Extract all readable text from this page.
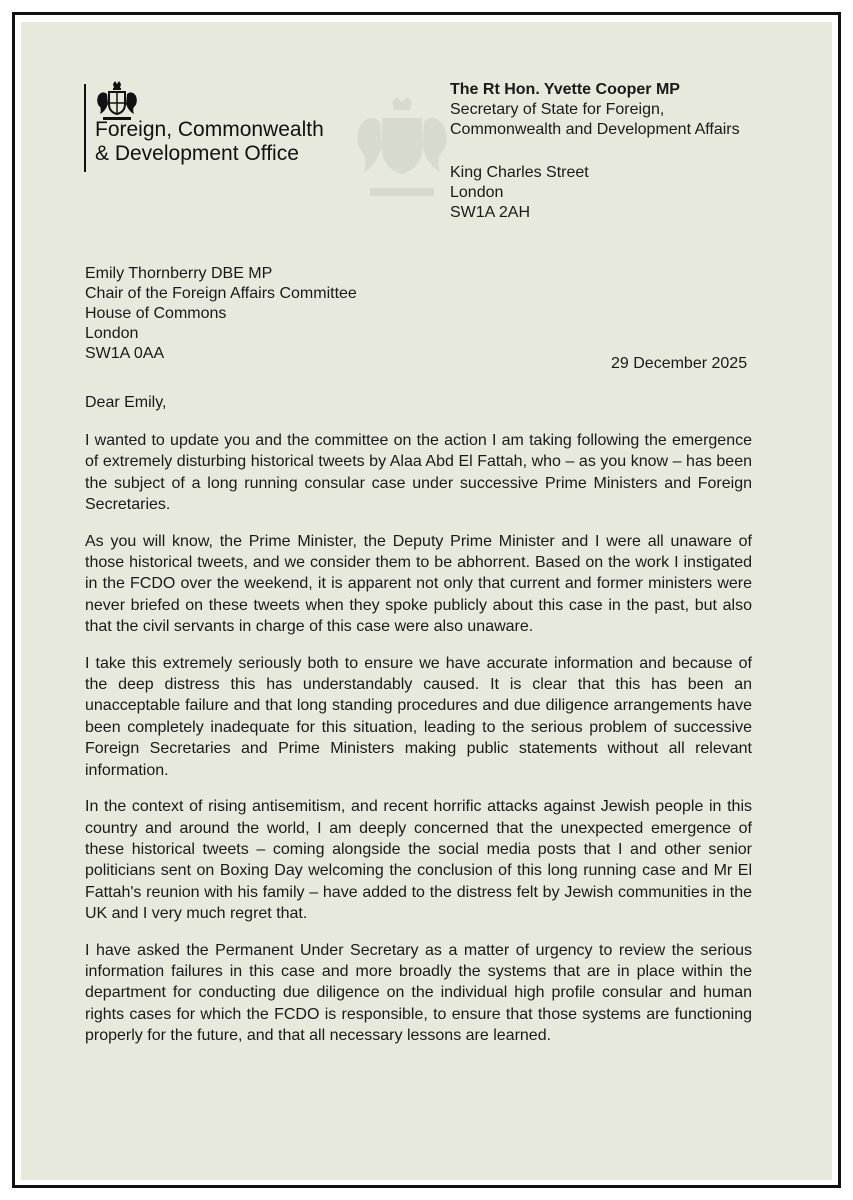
Foreign, Commonwealth
& Development Office
The Rt Hon. Yvette Cooper MP
Secretary of State for Foreign,
Commonwealth and Development Affairs
King Charles Street
London
SW1A 2AH
Emily Thornberry DBE MP
Chair of the Foreign Affairs Committee
House of Commons
London
SW1A 0AA
29 December 2025
Dear Emily,

I wanted to update you and the committee on the action I am taking following the emergence of extremely disturbing historical tweets by Alaa Abd El Fattah, who – as you know – has been the subject of a long running consular case under successive Prime Ministers and Foreign Secretaries.

As you will know, the Prime Minister, the Deputy Prime Minister and I were all unaware of those historical tweets, and we consider them to be abhorrent. Based on the work I instigated in the FCDO over the weekend, it is apparent not only that current and former ministers were never briefed on these tweets when they spoke publicly about this case in the past, but also that the civil servants in charge of this case were also unaware.

I take this extremely seriously both to ensure we have accurate information and because of the deep distress this has understandably caused. It is clear that this has been an unacceptable failure and that long standing procedures and due diligence arrangements have been completely inadequate for this situation, leading to the serious problem of successive Foreign Secretaries and Prime Ministers making public statements without all relevant information.

In the context of rising antisemitism, and recent horrific attacks against Jewish people in this country and around the world, I am deeply concerned that the unexpected emergence of these historical tweets – coming alongside the social media posts that I and other senior politicians sent on Boxing Day welcoming the conclusion of this long running case and Mr El Fattah's reunion with his family – have added to the distress felt by Jewish communities in the UK and I very much regret that.

I have asked the Permanent Under Secretary as a matter of urgency to review the serious information failures in this case and more broadly the systems that are in place within the department for conducting due diligence on the individual high profile consular and human rights cases for which the FCDO is responsible, to ensure that those systems are functioning properly for the future, and that all necessary lessons are learned.
